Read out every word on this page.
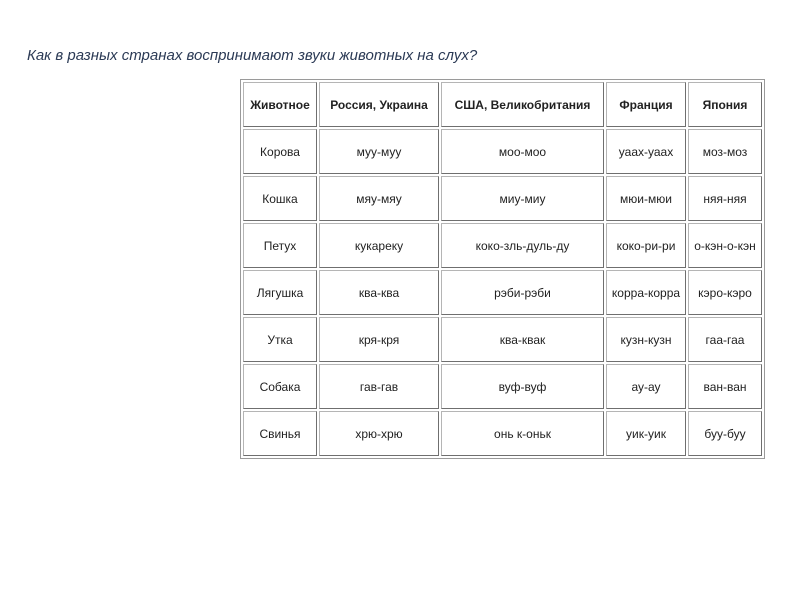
Как в разных странах воспринимают звуки животных на слух?
Животное	Россия, Украина	США, Великобритания	Франция	Япония
Корова	муу-муу	моо-моо	уаах-уаах	моз-моз
Кошка	мяу-мяу	миу-миу	мюи-мюи	няя-няя
Петух	кукареку	коко-зль-дуль-ду	коко-ри-ри	о-кэн-о-кэн
Лягушка	ква-ква	рэби-рэби	корра-корра	кэро-кэро
Утка	кря-кря	ква-квак	кузн-кузн	гаа-гаа
Собака	гав-гав	вуф-вуф	ау-ау	ван-ван
Свинья	хрю-хрю	онь к-оньк	уик-уик	буу-буу
